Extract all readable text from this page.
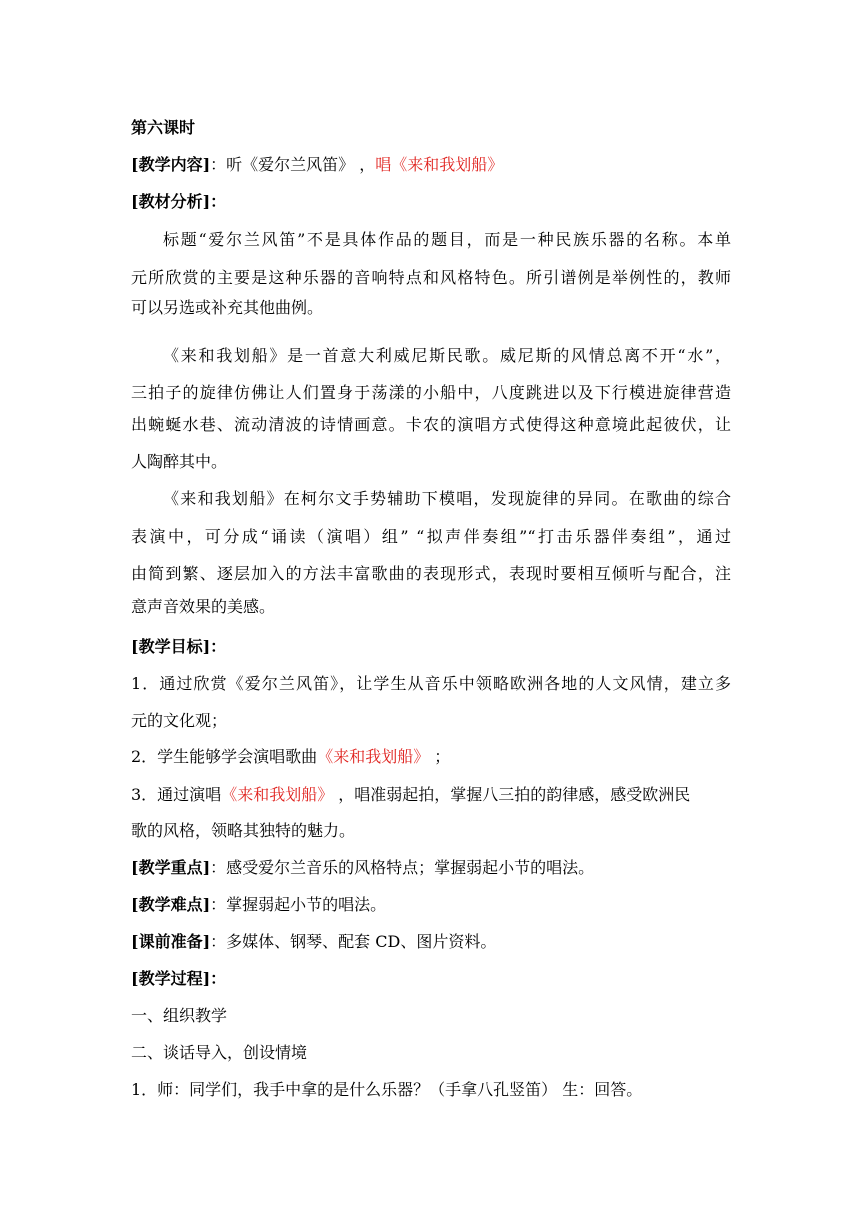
第六课时
[教学内容]：听《爱尔兰风笛》 ，唱《来和我划船》
[教材分析]：
标题“爱尔兰风笛”不是具体作品的题目，而是一种民族乐器的名称。本单
元所欣赏的主要是这种乐器的音响特点和风格特色。所引谱例是举例性的，教师
可以另选或补充其他曲例。
《来和我划船》是一首意大利威尼斯民歌。威尼斯的风情总离不开“水”，
三拍子的旋律仿佛让人们置身于荡漾的小船中，八度跳进以及下行模进旋律营造
出蜿蜒水巷、流动清波的诗情画意。卡农的演唱方式使得这种意境此起彼伏，让
人陶醉其中。
《来和我划船》在柯尔文手势辅助下模唱，发现旋律的异同。在歌曲的综合
表演中，可分成“诵读（演唱）组” “拟声伴奏组”“打击乐器伴奏组”，通过
由简到繁、逐层加入的方法丰富歌曲的表现形式，表现时要相互倾听与配合，注
意声音效果的美感。
[教学目标]：
1．通过欣赏《爱尔兰风笛》，让学生从音乐中领略欧洲各地的人文风情，建立多
元的文化观；
2．学生能够学会演唱歌曲《来和我划船》 ；
3．通过演唱《来和我划船》 ，唱准弱起拍，掌握八三拍的韵律感，感受欧洲民
歌的风格，领略其独特的魅力。
[教学重点]：感受爱尔兰音乐的风格特点；掌握弱起小节的唱法。
[教学难点]：掌握弱起小节的唱法。
[课前准备]：多媒体、钢琴、配套 CD、图片资料。
[教学过程]：
一、组织教学
二、谈话导入，创设情境
1．师：同学们，我手中拿的是什么乐器？（手拿八孔竖笛） 生：回答。
